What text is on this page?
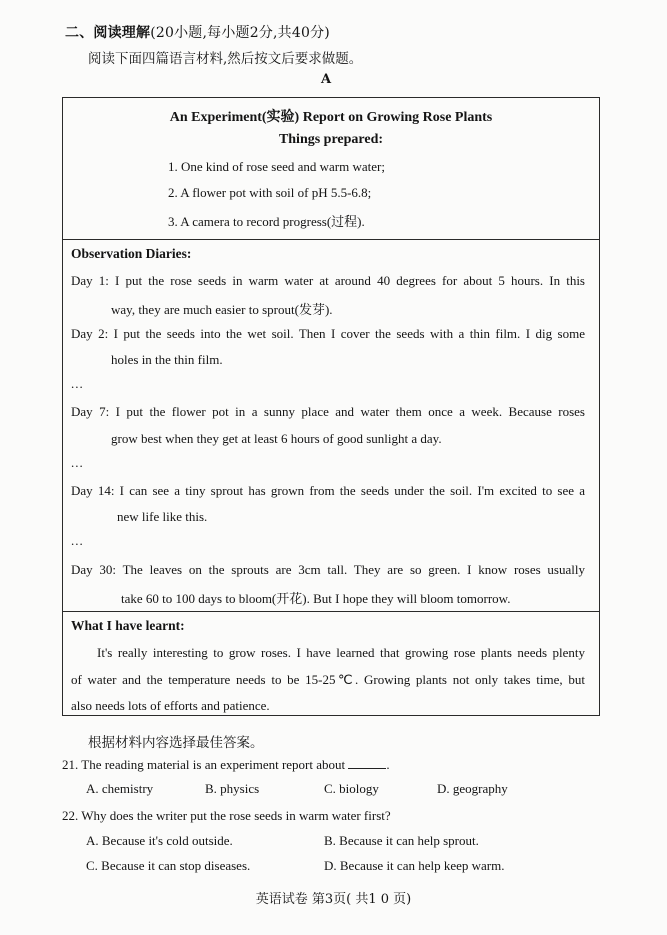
二、阅读理解(20小题,每小题2分,共40分)
阅读下面四篇语言材料,然后按文后要求做题。
A
An Experiment(实验) Report on Growing Rose Plants
Things prepared:
1. One kind of rose seed and warm water;
2. A flower pot with soil of pH 5.5-6.8;
3. A camera to record progress(过程).
Observation Diaries:
Day 1: I put the rose seeds in warm water at around 40 degrees for about 5 hours. In this
way, they are much easier to sprout(发芽).
Day 2: I put the seeds into the wet soil. Then I cover the seeds with a thin film. I dig some
holes in the thin film.
...
Day 7: I put the flower pot in a sunny place and water them once a week. Because roses
grow best when they get at least 6 hours of good sunlight a day.
...
Day 14: I can see a tiny sprout has grown from the seeds under the soil. I'm excited to see a
new life like this.
...
Day 30: The leaves on the sprouts are 3cm tall. They are so green. I know roses usually
take 60 to 100 days to bloom(开花). But I hope they will bloom tomorrow.
What I have learnt:
It's really interesting to grow roses. I have learned that growing rose plants needs plenty
of water and the temperature needs to be 15-25℃. Growing plants not only takes time, but
also needs lots of efforts and patience.
根据材料内容选择最佳答案。
21. The reading material is an experiment report about	.
A. chemistry	B. physics	C. biology	D. geography
22. Why does the writer put the rose seeds in warm water first?
A. Because it's cold outside.	B. Because it can help sprout.
C. Because it can stop diseases.	D. Because it can help keep warm.
英语试卷 第3页( 共1 0 页)
